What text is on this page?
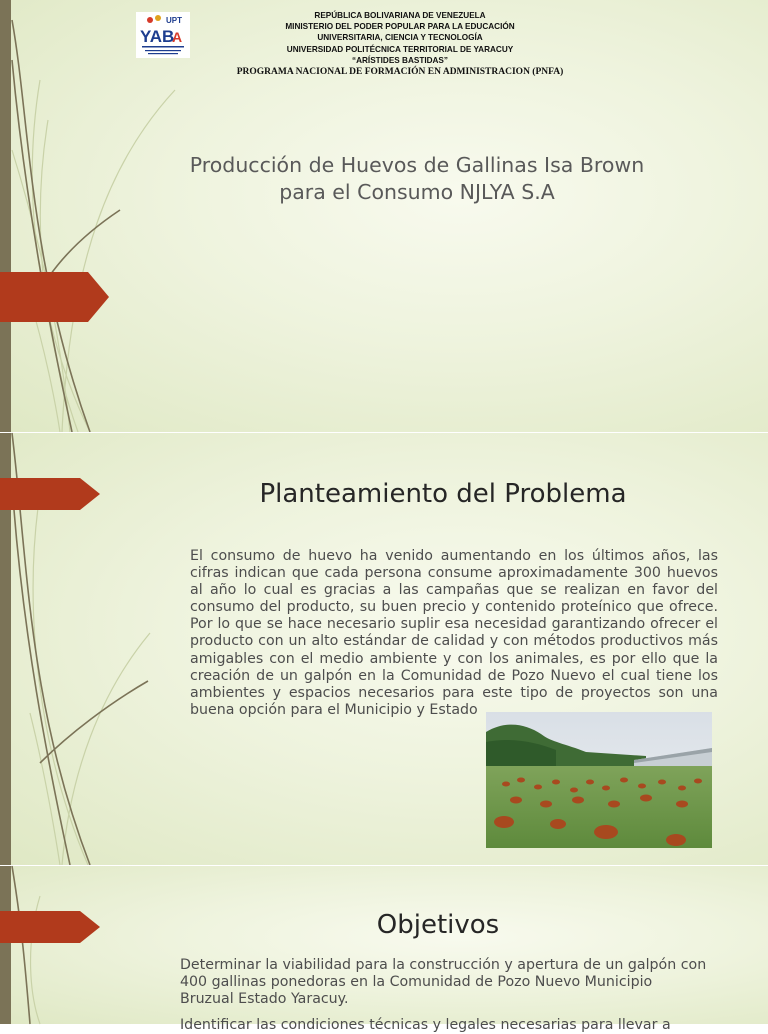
YAB
A
UPT
REPÚBLICA BOLIVARIANA DE VENEZUELA
MINISTERIO DEL PODER POPULAR PARA LA EDUCACIÓN
UNIVERSITARIA, CIENCIA Y TECNOLOGÍA
UNIVERSIDAD POLITÉCNICA TERRITORIAL DE YARACUY
“ARÍSTIDES BASTIDAS”
PROGRAMA NACIONAL DE FORMACIÓN EN ADMINISTRACION (PNFA)
Producción de Huevos de Gallinas Isa Brown
para el Consumo NJLYA S.A
Planteamiento del Problema
El consumo de huevo ha venido aumentando en los últimos años, las cifras indican que cada persona consume aproximadamente 300 huevos al año lo cual es gracias a las campañas que se realizan en favor del consumo del producto, su buen precio y contenido proteínico que ofrece. Por lo que se hace necesario suplir esa necesidad garantizando ofrecer el producto con un alto estándar de calidad y con métodos productivos más amigables con el medio ambiente y con los animales, es por ello que la creación de un galpón en la Comunidad de Pozo Nuevo el cual tiene los ambientes y espacios necesarios para este tipo de proyectos son una buena opción para el Municipio y Estado
Objetivos
Determinar la viabilidad para la construcción y apertura de un galpón con 400 gallinas ponedoras en la Comunidad de Pozo Nuevo Municipio Bruzual Estado Yaracuy.
Identificar las condiciones técnicas y legales necesarias para llevar a
